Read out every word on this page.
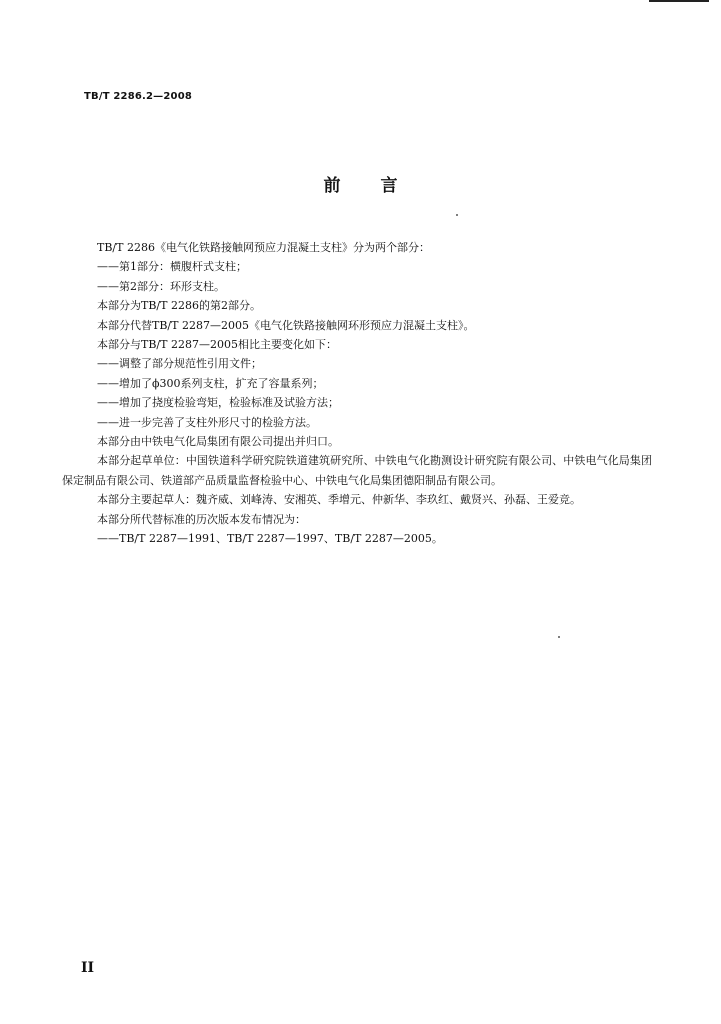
TB/T 2286.2—2008
前言

TB/T 2286《电气化铁路接触网预应力混凝土支柱》分为两个部分：

——第1部分：横腹杆式支柱；

——第2部分：环形支柱。

本部分为TB/T 2286的第2部分。

本部分代替TB/T 2287—2005《电气化铁路接触网环形预应力混凝土支柱》。

本部分与TB/T 2287—2005相比主要变化如下：

——调整了部分规范性引用文件；

——增加了ϕ300系列支柱，扩充了容量系列；

——增加了挠度检验弯矩，检验标准及试验方法；

——进一步完善了支柱外形尺寸的检验方法。

本部分由中铁电气化局集团有限公司提出并归口。

本部分起草单位：中国铁道科学研究院铁道建筑研究所、中铁电气化勘测设计研究院有限公司、中铁电气化局集团保定制品有限公司、铁道部产品质量监督检验中心、中铁电气化局集团德阳制品有限公司。

本部分主要起草人：魏齐威、刘峰涛、安湘英、季增元、仲新华、李玖红、戴贤兴、孙磊、王爱竞。

本部分所代替标准的历次版本发布情况为：

——TB/T 2287—1991、TB/T 2287—1997、TB/T 2287—2005。

II
